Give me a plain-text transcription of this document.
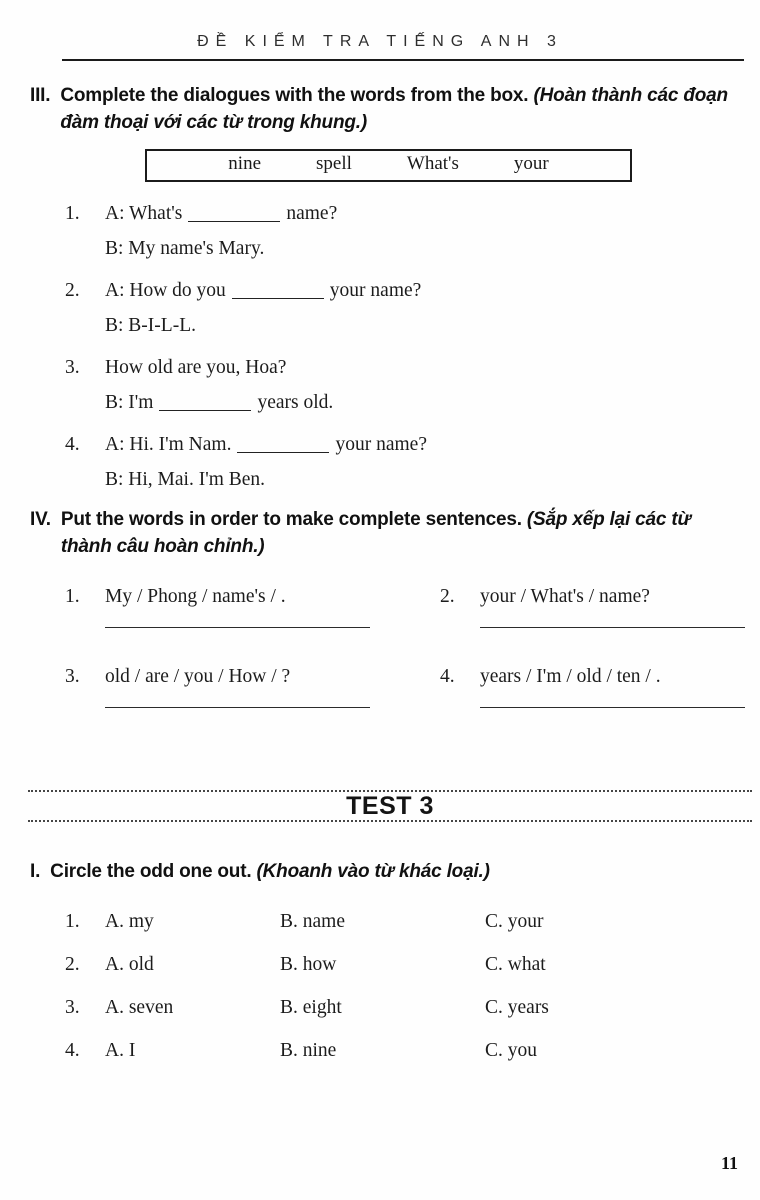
ĐỀ KIỂM TRA TIẾNG ANH 3
III. Complete the dialogues with the words from the box. (Hoàn thành các đoạn đàm thoại với các từ trong khung.)
nine	spell	What's	your
1.	A: What's	name?
B: My name's Mary.
2.	A: How do you	your name?
B: B-I-L-L.
3.	How old are you, Hoa?
B: I'm	years old.
4.	A: Hi. I'm Nam.	your name?
B: Hi, Mai. I'm Ben.
IV. Put the words in order to make complete sentences. (Sắp xếp lại các từ thành câu hoàn chỉnh.)
1.	My / Phong / name's / .	2.	your / What's / name?
3.	old / are / you / How / ?	4.	years / I'm / old / ten / .
TEST 3
I. Circle the odd one out. (Khoanh vào từ khác loại.)
1.	A. my	B. name	C. your
2.	A. old	B. how	C. what
3.	A. seven	B. eight	C. years
4.	A. I	B. nine	C. you
11
